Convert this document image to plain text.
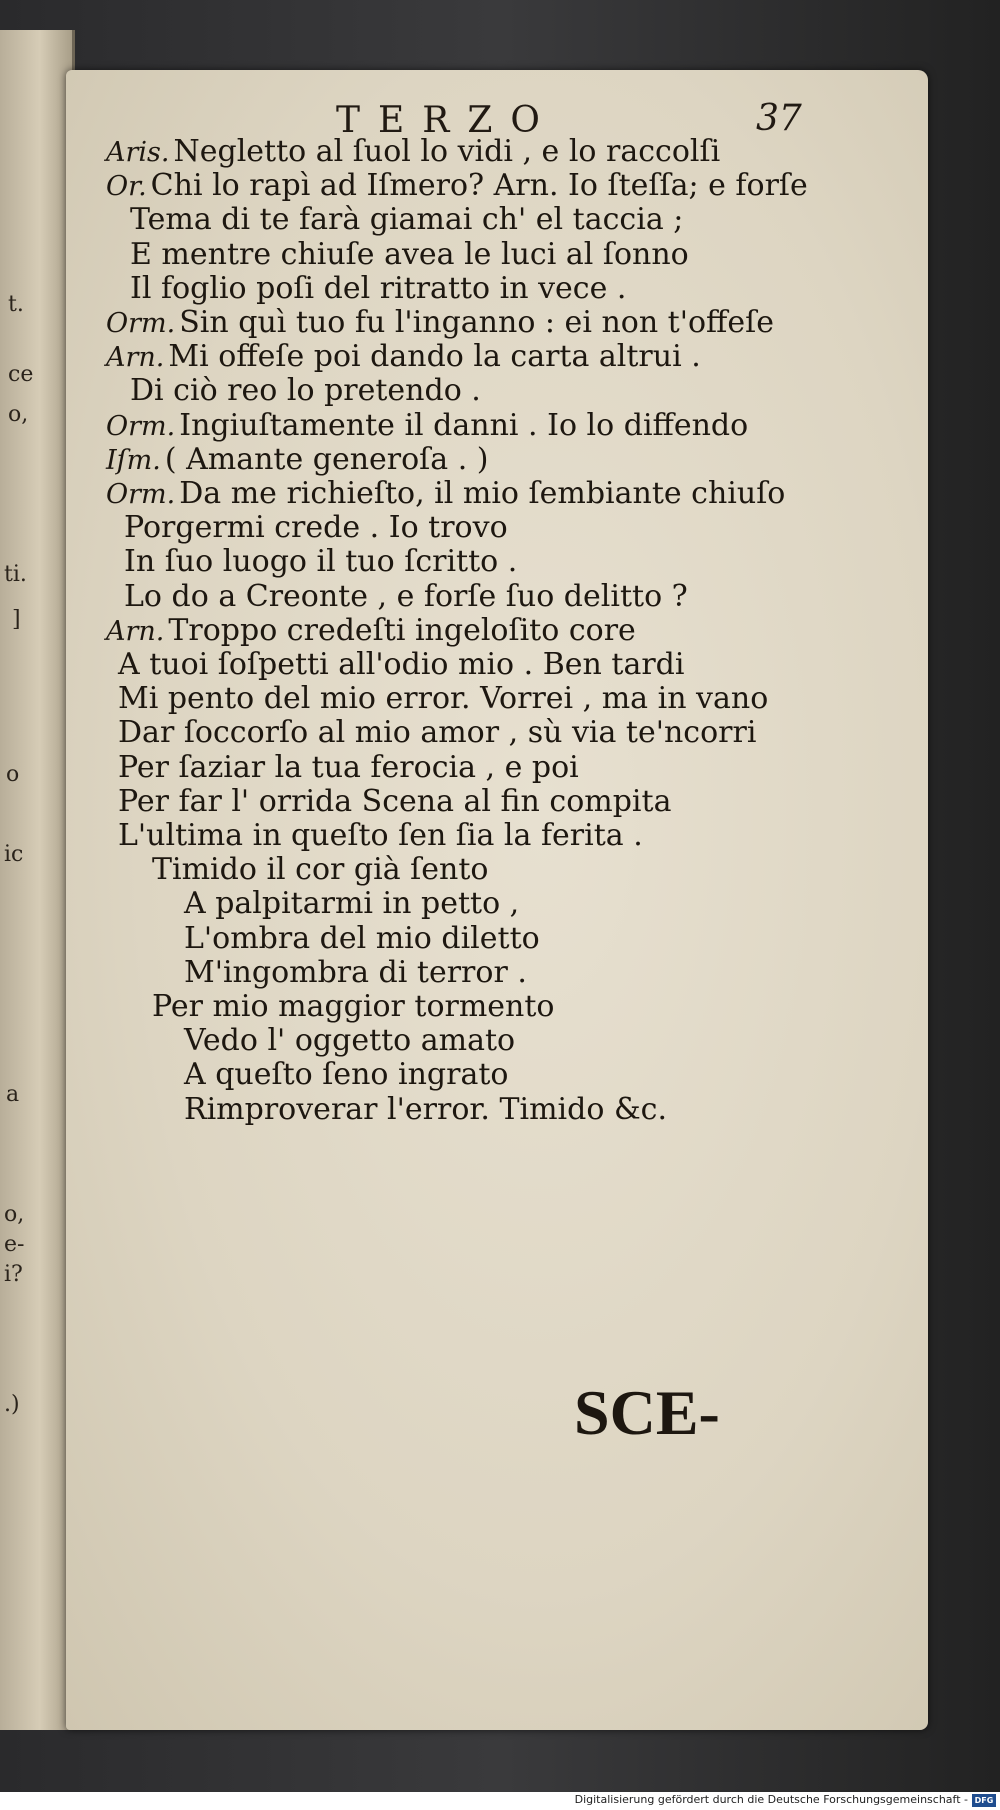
t.
ce
o,
ti.
]
o
ic
a
o,
e-
i?
.)
TERZO	37
Aris. Negletto al ſuol lo vidi , e lo raccolſi
Or. Chi lo rapì ad Iſmero? Arn. Io ſteſſa; e forſe
Tema di te farà giamai ch' el taccia ;
E mentre chiuſe avea le luci al ſonno
Il foglio poſi del ritratto in vece .
Orm. Sin quì tuo fu l'inganno : ei non t'offeſe
Arn. Mi offeſe poi dando la carta altrui .
Di ciò reo lo pretendo .
Orm. Ingiuſtamente il danni . Io lo diffendo
Iſm. ( Amante generoſa . )
Orm. Da me richieſto, il mio ſembiante chiuſo
Porgermi crede . Io trovo
In ſuo luogo il tuo ſcritto .
Lo do a Creonte , e forſe ſuo delitto ?
Arn. Troppo credeſti ingeloſito core
A tuoi ſoſpetti all'odio mio . Ben tardi
Mi pento del mio error. Vorrei , ma in vano
Dar ſoccorſo al mio amor , sù via te'ncorri
Per ſaziar la tua ferocia , e poi
Per far l' orrida Scena al fin compita
L'ultima in queſto ſen ſia la ferita .
Timido il cor già ſento
A palpitarmi in petto ,
L'ombra del mio diletto
M'ingombra di terror .
Per mio maggior tormento
Vedo l' oggetto amato
A queſto ſeno ingrato
Rimproverar l'error. Timido &c.
SCE-
Digitalisierung gefördert durch die Deutsche Forschungsgemeinschaft - DFG
